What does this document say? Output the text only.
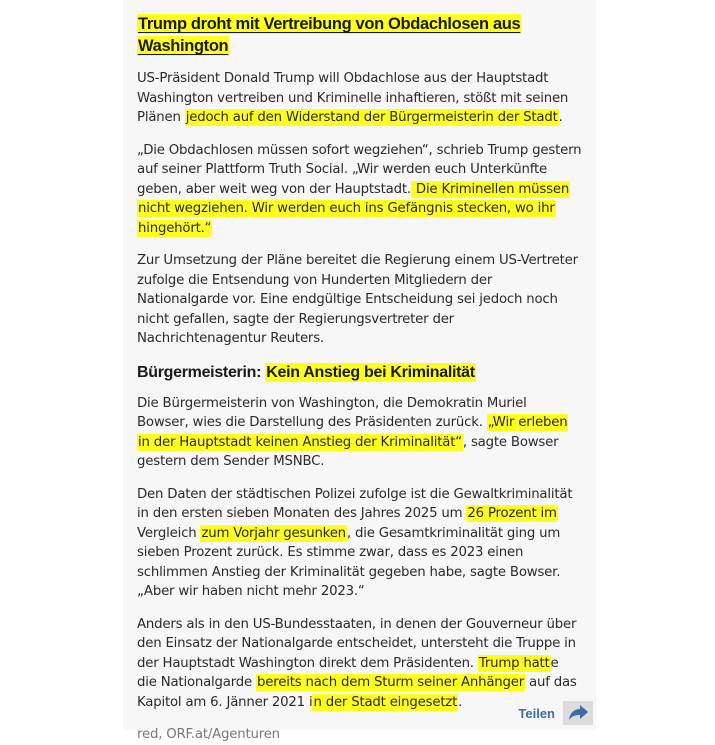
Trump droht mit Vertreibung von Obdachlosen aus Washington

US-Präsident Donald Trump will Obdachlose aus der Hauptstadt Washington vertreiben und Kriminelle inhaftieren, stößt mit seinen Plänen jedoch auf den Widerstand der Bürgermeisterin der Stadt.

„Die Obdachlosen müssen sofort wegziehen“, schrieb Trump gestern auf seiner Plattform Truth Social. „Wir werden euch Unterkünfte geben, aber weit weg von der Hauptstadt. Die Kriminellen müssen nicht wegziehen. Wir werden euch ins Gefängnis stecken, wo ihr hingehört.“

Zur Umsetzung der Pläne bereitet die Regierung einem US-Vertreter zufolge die Entsendung von Hunderten Mitgliedern der Nationalgarde vor. Eine endgültige Entscheidung sei jedoch noch nicht gefallen, sagte der Regierungsvertreter der Nachrichtenagentur Reuters.

Bürgermeisterin: Kein Anstieg bei Kriminalität

Die Bürgermeisterin von Washington, die Demokratin Muriel Bowser, wies die Darstellung des Präsidenten zurück. „Wir erleben in der Hauptstadt keinen Anstieg der Kriminalität“, sagte Bowser gestern dem Sender MSNBC.

Den Daten der städtischen Polizei zufolge ist die Gewaltkriminalität in den ersten sieben Monaten des Jahres 2025 um 26 Prozent im Vergleich zum Vorjahr gesunken, die Gesamtkriminalität ging um sieben Prozent zurück. Es stimme zwar, dass es 2023 einen schlimmen Anstieg der Kriminalität gegeben habe, sagte Bowser. „Aber wir haben nicht mehr 2023.“

Anders als in den US-Bundesstaaten, in denen der Gouverneur über den Einsatz der Nationalgarde entscheidet, untersteht die Truppe in der Hauptstadt Washington direkt dem Präsidenten. Trump hatte die Nationalgarde bereits nach dem Sturm seiner Anhänger auf das Kapitol am 6. Jänner 2021 in der Stadt eingesetzt.

red, ORF.at/Agenturen

Teilen
